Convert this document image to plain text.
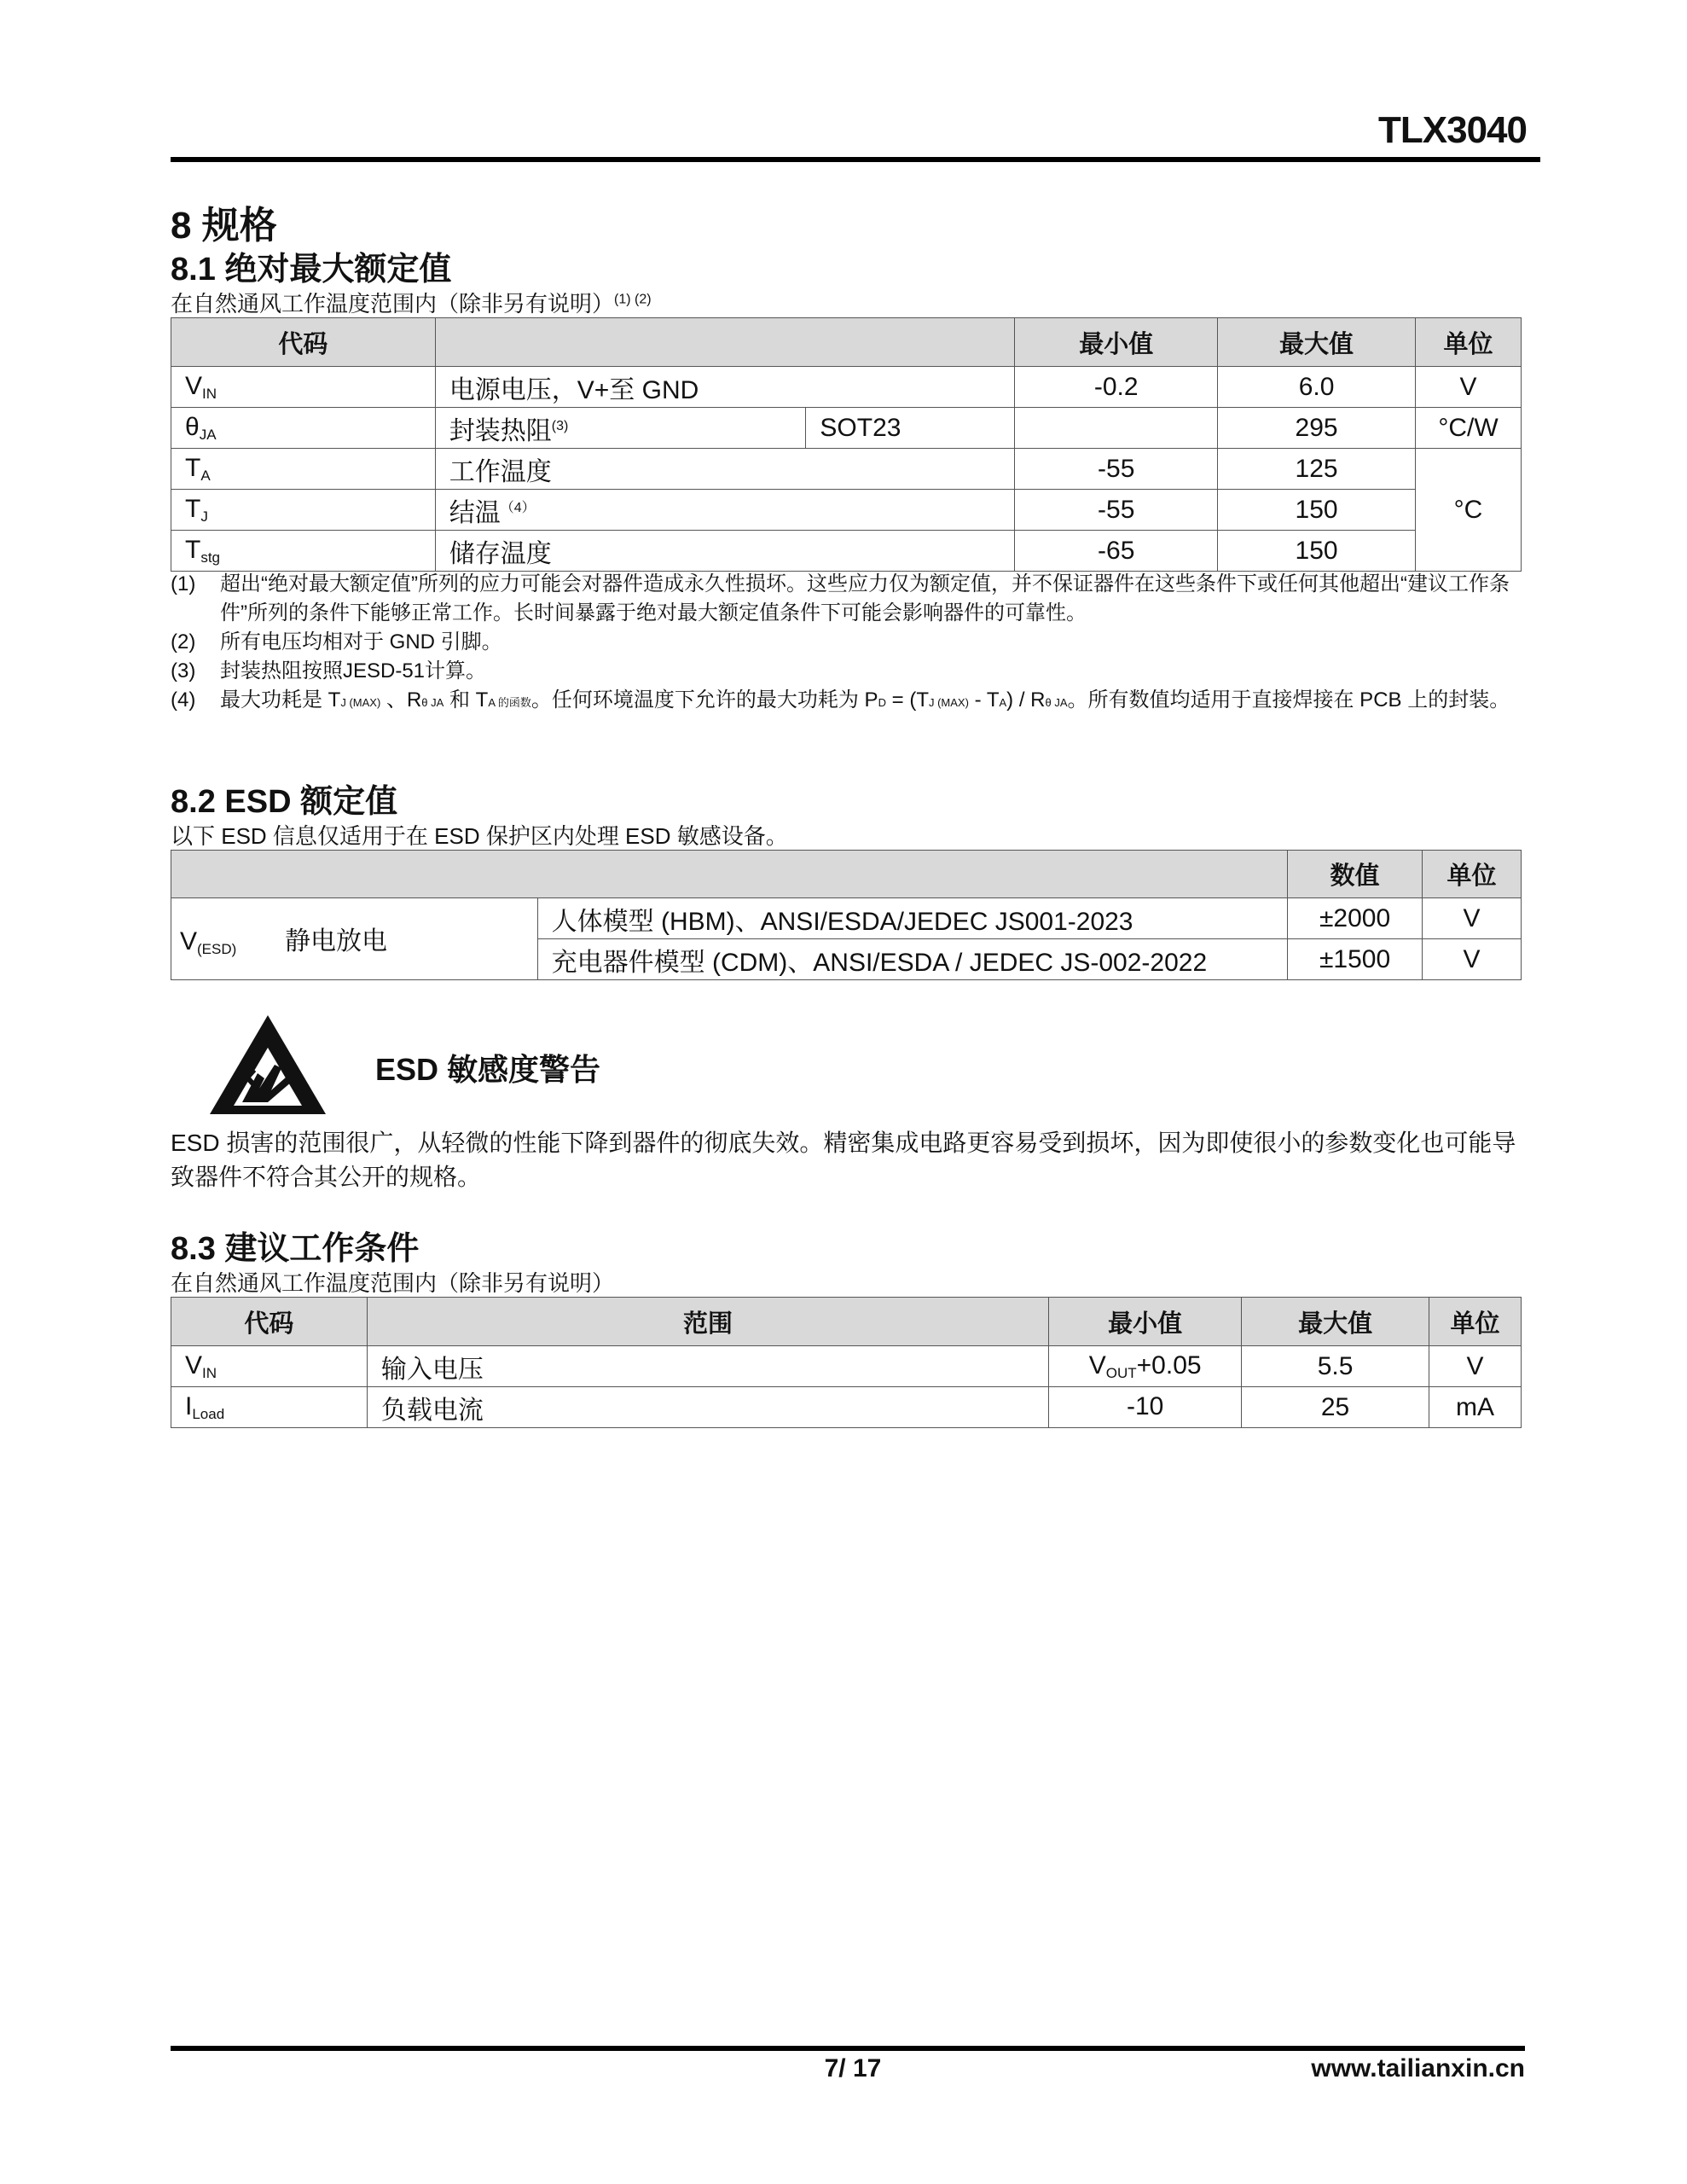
TLX3040
8 规格
8.1 绝对最大额定值
在自然通风工作温度范围内（除非另有说明）$^{(1) (2)}$
代码			最小值	最大值	单位
$V_{IN}$	电源电压，V+至 GND		-0.2	6.0	V
$\theta_{JA}$	封装热阻$^{(3)}$	SOT23		295	°C/W
$T_A$	工作温度		-55	125	°C
$T_J$	结温$^{(4)}$		-55	150	
$T_{stg}$	储存温度		-65	150	
(1)	超出“绝对最大额定值”所列的应力可能会对器件造成永久性损坏。这些应力仅为额定值，并不保证器件在这些条件下或任何其他超出“建议工作条件”所列的条件下能够正常工作。长时间暴露于绝对最大额定值条件下可能会影响器件的可靠性。
(2)	所有电压均相对于 GND 引脚。
(3)	封装热阻按照JESD-51计算。
(4)	最大功耗是 TJ (MAX) 、Rθ JA 和 TA 的函数。任何环境温度下允许的最大功耗为 PD = (TJ (MAX) - TA) / Rθ JA。所有数值均适用于直接焊接在 PCB 上的封装。
8.2 ESD 额定值
以下 ESD 信息仅适用于在 ESD 保护区内处理 ESD 敏感设备。
		数值	单位
$V_{(ESD)}$ 静电放电	人体模型 (HBM)、ANSI/ESDA/JEDEC JS001-2023	±2000	V
	充电器件模型 (CDM)、ANSI/ESDA / JEDEC JS-002-2022	±1500	V
ESD 敏感度警告
ESD 损害的范围很广，从轻微的性能下降到器件的彻底失效。精密集成电路更容易受到损坏，因为即使很小的参数变化也可能导致器件不符合其公开的规格。
8.3 建议工作条件
在自然通风工作温度范围内（除非另有说明）
代码	范围	最小值	最大值	单位
$V_{IN}$	输入电压	$V_{OUT}+0.05$	5.5	V
$I_{Load}$	负载电流	-10	25	mA
7/ 17	www.tailianxin.cn
